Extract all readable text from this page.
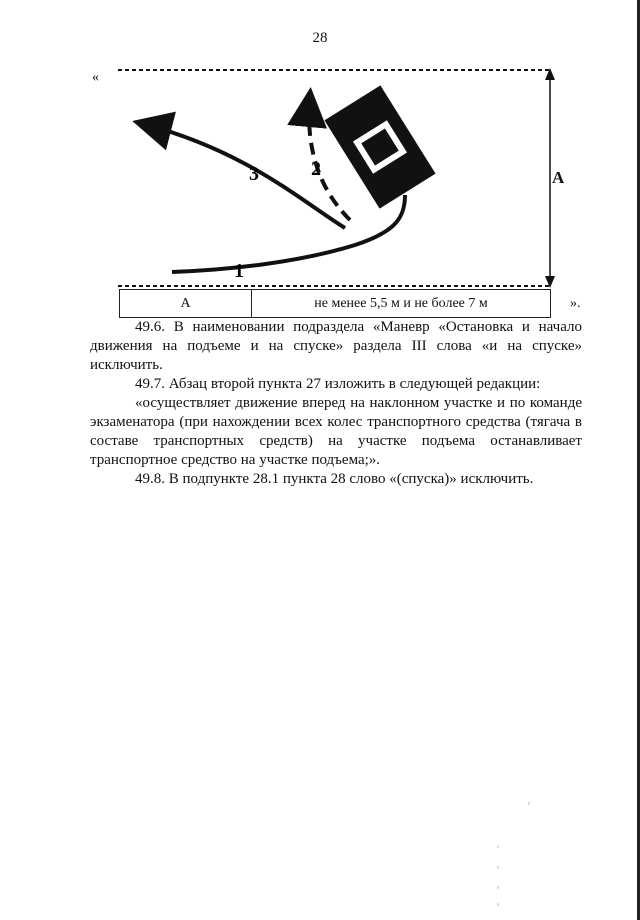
28
«
1
2
3	А
А	не менее 5,5 м и не более 7 м	».

49.6. В наименовании подраздела «Маневр «Остановка и начало движения на подъеме и на спуске» раздела III слова «и на спуске» исключить.

49.7. Абзац второй пункта 27 изложить в следующей редакции:

«осуществляет движение вперед на наклонном участке и по команде экзаменатора (при нахождении всех колес транспортного средства (тягача в составе транспортных средств) на участке подъема останавливает транспортное средство на участке подъема;».

49.8. В подпункте 28.1 пункта 28 слово «(спуска)» исключить.
